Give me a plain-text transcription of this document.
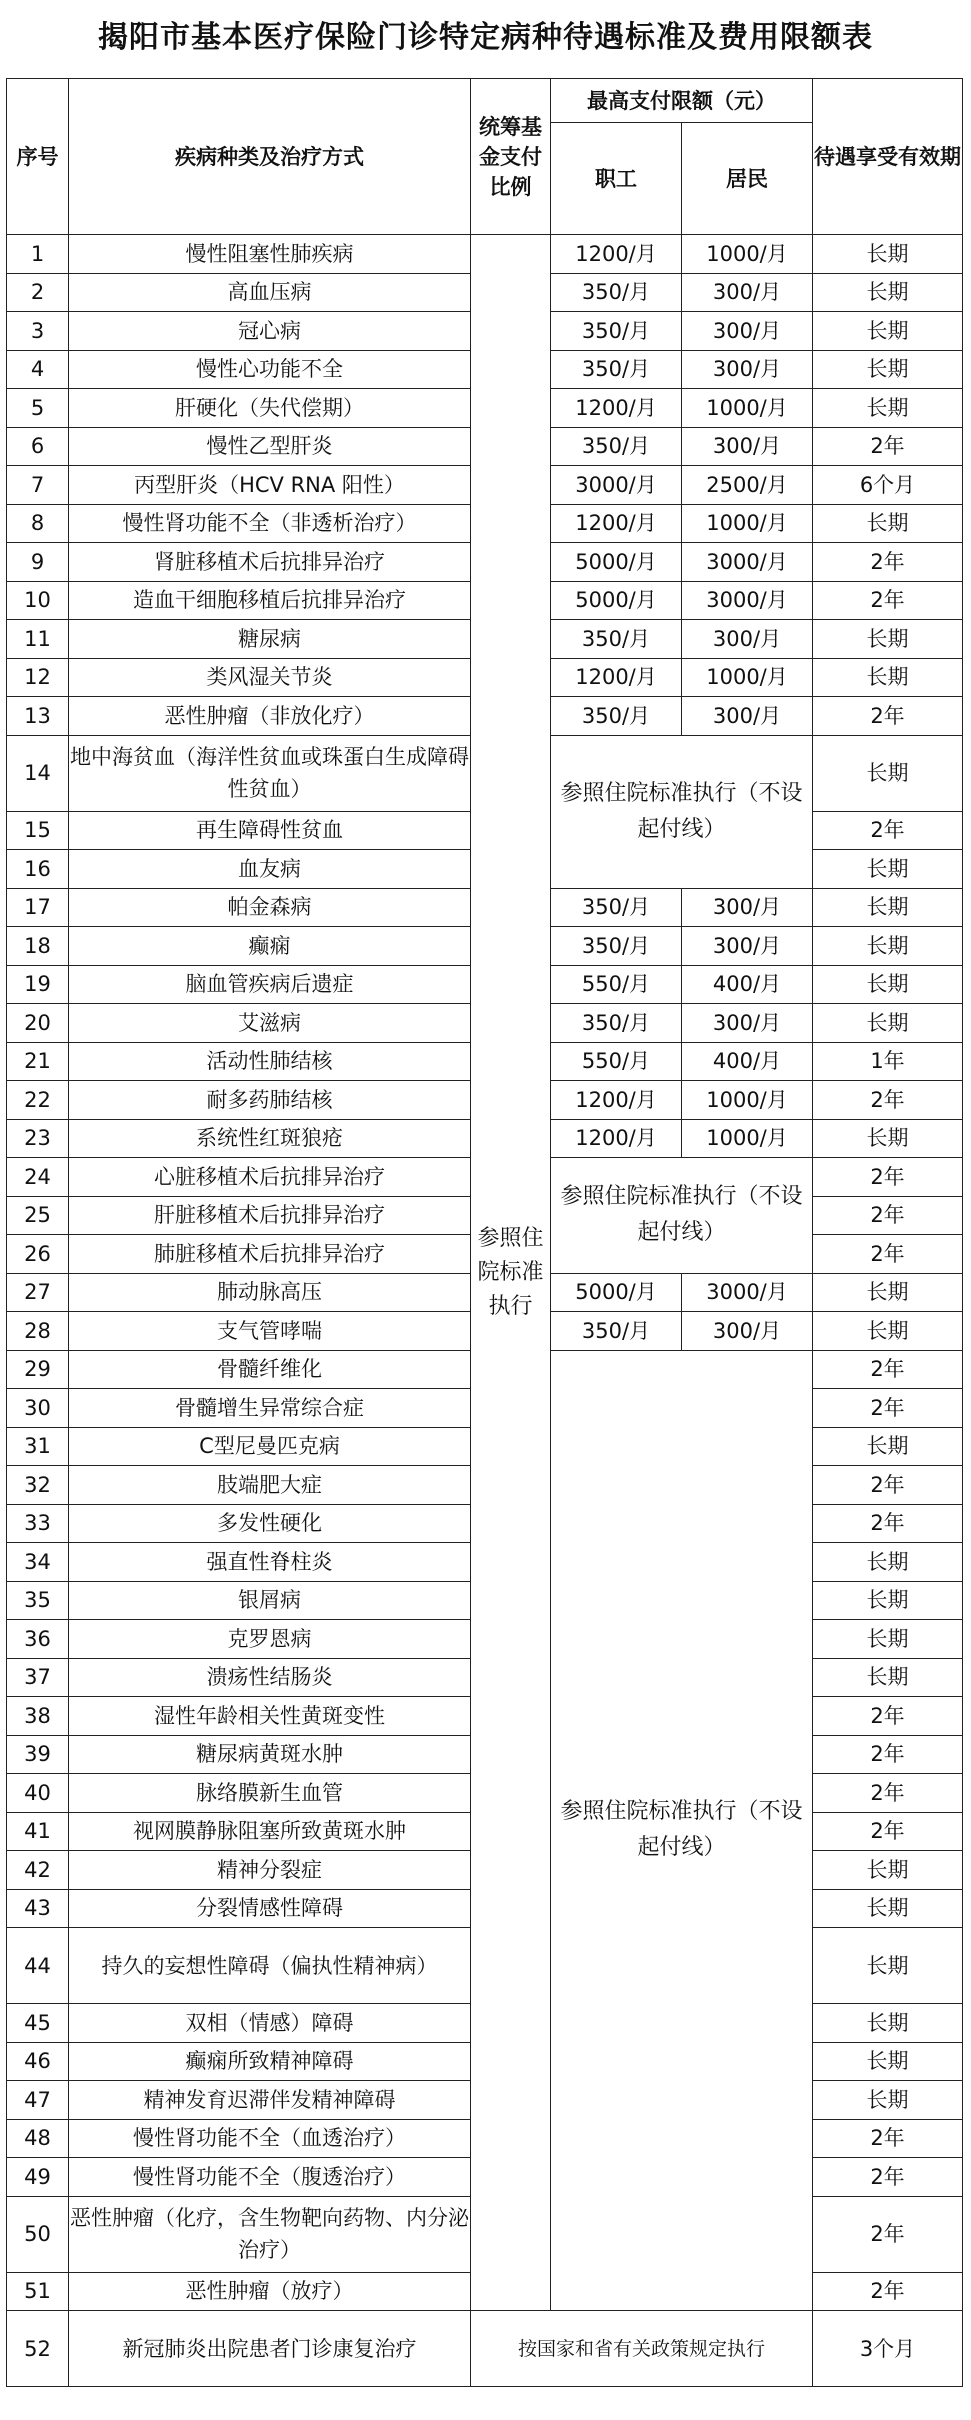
揭阳市基本医疗保险门诊特定病种待遇标准及费用限额表
序号	疾病种类及治疗方式	统筹基金支付比例	最高支付限额（元）		待遇享受有效期
			职工	居民	
1	慢性阻塞性肺疾病	参照住院标准执行	1200/月	1000/月	长期
2	高血压病		350/月	300/月	长期
3	冠心病		350/月	300/月	长期
4	慢性心功能不全		350/月	300/月	长期
5	肝硬化（失代偿期）		1200/月	1000/月	长期
6	慢性乙型肝炎		350/月	300/月	2年
7	丙型肝炎（HCV RNA 阳性）		3000/月	2500/月	6个月
8	慢性肾功能不全（非透析治疗）		1200/月	1000/月	长期
9	肾脏移植术后抗排异治疗		5000/月	3000/月	2年
10	造血干细胞移植后抗排异治疗		5000/月	3000/月	2年
11	糖尿病		350/月	300/月	长期
12	类风湿关节炎		1200/月	1000/月	长期
13	恶性肿瘤（非放化疗）		350/月	300/月	2年
14	地中海贫血（海洋性贫血或珠蛋白生成障碍性贫血）		参照住院标准执行（不设起付线）		长期
15	再生障碍性贫血				2年
16	血友病				长期
17	帕金森病		350/月	300/月	长期
18	癫痫		350/月	300/月	长期
19	脑血管疾病后遗症		550/月	400/月	长期
20	艾滋病		350/月	300/月	长期
21	活动性肺结核		550/月	400/月	1年
22	耐多药肺结核		1200/月	1000/月	2年
23	系统性红斑狼疮		1200/月	1000/月	长期
24	心脏移植术后抗排异治疗		参照住院标准执行（不设起付线）		2年
25	肝脏移植术后抗排异治疗				2年
26	肺脏移植术后抗排异治疗				2年
27	肺动脉高压		5000/月	3000/月	长期
28	支气管哮喘		350/月	300/月	长期
29	骨髓纤维化		参照住院标准执行（不设起付线）		2年
30	骨髓增生异常综合症				2年
31	C型尼曼匹克病				长期
32	肢端肥大症				2年
33	多发性硬化				2年
34	强直性脊柱炎				长期
35	银屑病				长期
36	克罗恩病				长期
37	溃疡性结肠炎				长期
38	湿性年龄相关性黄斑变性				2年
39	糖尿病黄斑水肿				2年
40	脉络膜新生血管				2年
41	视网膜静脉阻塞所致黄斑水肿				2年
42	精神分裂症				长期
43	分裂情感性障碍				长期
44	持久的妄想性障碍（偏执性精神病）				长期
45	双相（情感）障碍				长期
46	癫痫所致精神障碍				长期
47	精神发育迟滞伴发精神障碍				长期
48	慢性肾功能不全（血透治疗）				2年
49	慢性肾功能不全（腹透治疗）				2年
50	恶性肿瘤（化疗，含生物靶向药物、内分泌治疗）				2年
51	恶性肿瘤（放疗）				2年
52	新冠肺炎出院患者门诊康复治疗	按国家和省有关政策规定执行			3个月
